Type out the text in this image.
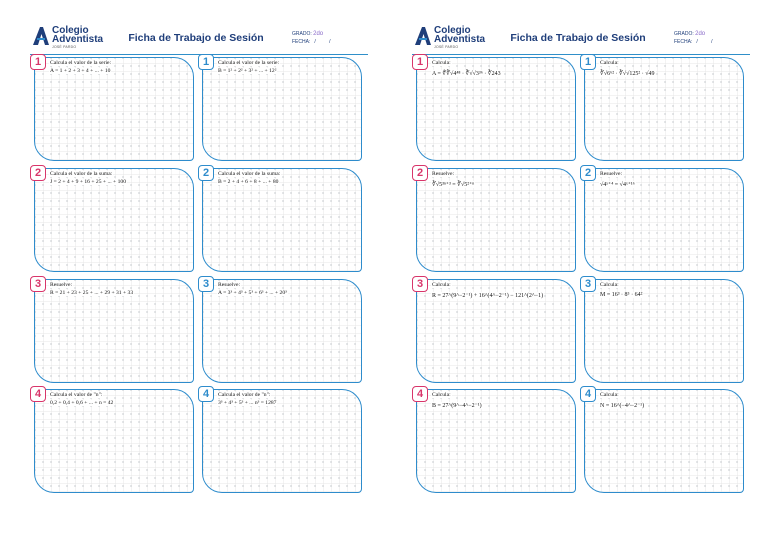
Colegio
Adventista
JOSÉ PARDO
Ficha de Trabajo de Sesión	GRADO: 2do
FECHA: / /
1	Calcula el valor de la serie:
A = 1 + 2 + 3 + 4 + ... + 10
1	Calcula el valor de la serie:
B = 1² + 2² + 3² + ... + 12²
2	Calcula el valor de la suma:
J = 2 + 4 + 9 + 16 + 25 + ... + 100
2	Calcula el valor de la suma:
B = 2 + 4 + 6 + 8 + ... + 80
3	Resuelve:
R = 21 + 23 + 25 + ... + 29 + 31 + 33
3	Resuelve:
A = 3³ + 4³ + 5³ + 6³ + ... + 20³
4	Calcula el valor de "n":
0,2 + 0,4 + 0,6 + ... + n = 42
4	Calcula el valor de "n":
3³ + 4³ + 5³ + ... n³ = 1287
Colegio
Adventista
JOSÉ PARDO
Ficha de Trabajo de Sesión	GRADO: 2do
FECHA: / /
1	Calcula:
A = ∜∛√4⁴⁸ · ∛√√3³⁶ · ∛243
1	Calcula:
∛√6⁶² · ∛√√125² · √49
2	Resuelve:
∛√5³ⁿ⁺³ = ∛√5²⁺ⁿ
2	Resuelve:
√4ˣ⁺⁴ = √4ˣ⁺¹⁶
3	Calcula:
R = 27^(9^−2⁻¹) + 16^(4^−2⁻¹) − 121^(2^−1)
3	Calcula:
M = 16³ · 8⁵ · 64²
4	Calcula:
B = 27^(9^−4^−2⁻¹)
4	Calcula:
N = 16^(−4^−2⁻¹)
